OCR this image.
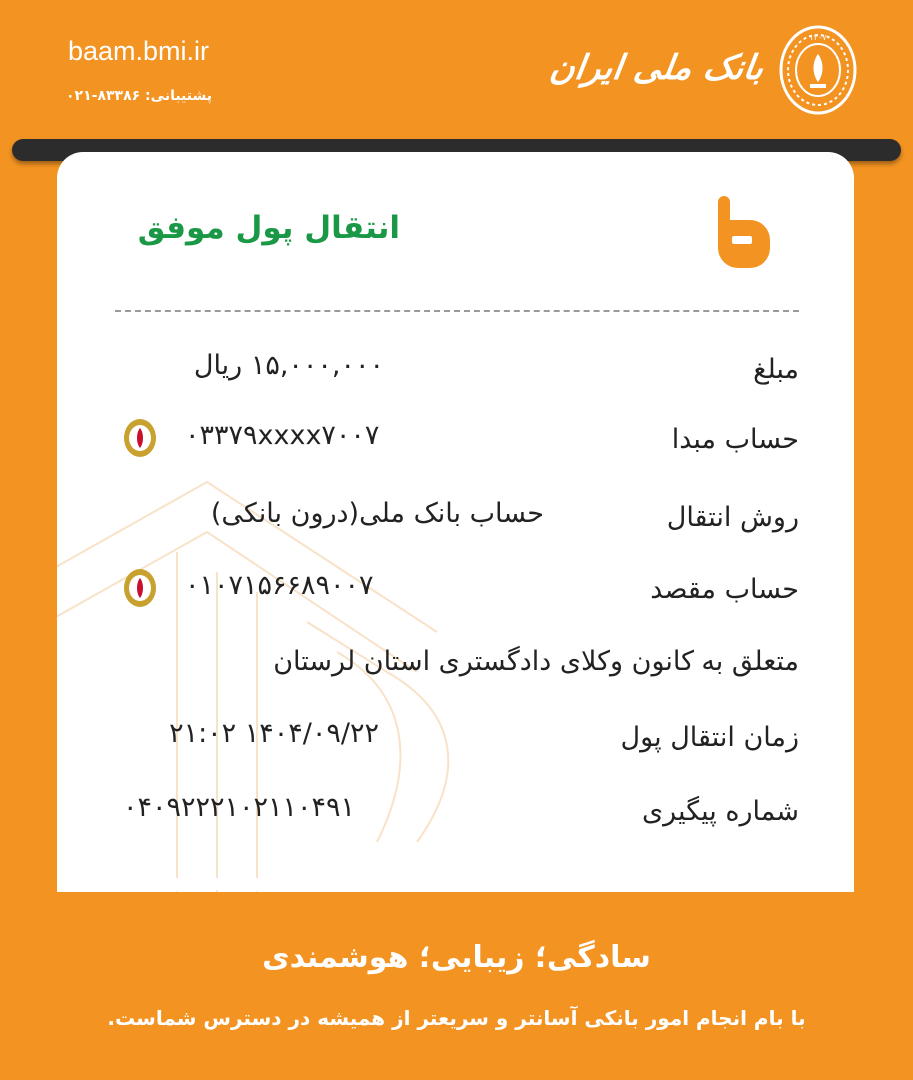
baam.bmi.ir
پشتیبانی: ۸۳۳۸۶-۰۲۱
بانک ملی ایران
۱۳۰۷
انتقال پول موفق
مبلغ
۱۵,۰۰۰,۰۰۰ ریال
حساب مبدا
۰۳۳۷۹xxxx۷۰۰۷
روش انتقال
حساب بانک ملی(درون بانکی)
حساب مقصد
۰۱۰۷۱۵۶۶۸۹۰۰۷
متعلق به
کانون وکلای دادگستری استان لرستان
زمان انتقال پول
۱۴۰۴/۰۹/۲۲ ۲۱:۰۲
شماره پیگیری
۰۴۰۹۲۲۲۱۰۲۱۱۰۴۹۱
سادگی؛ زیبایی؛ هوشمندی
با بام انجام امور بانکی آسانتر و سریعتر از همیشه در دسترس شماست.
